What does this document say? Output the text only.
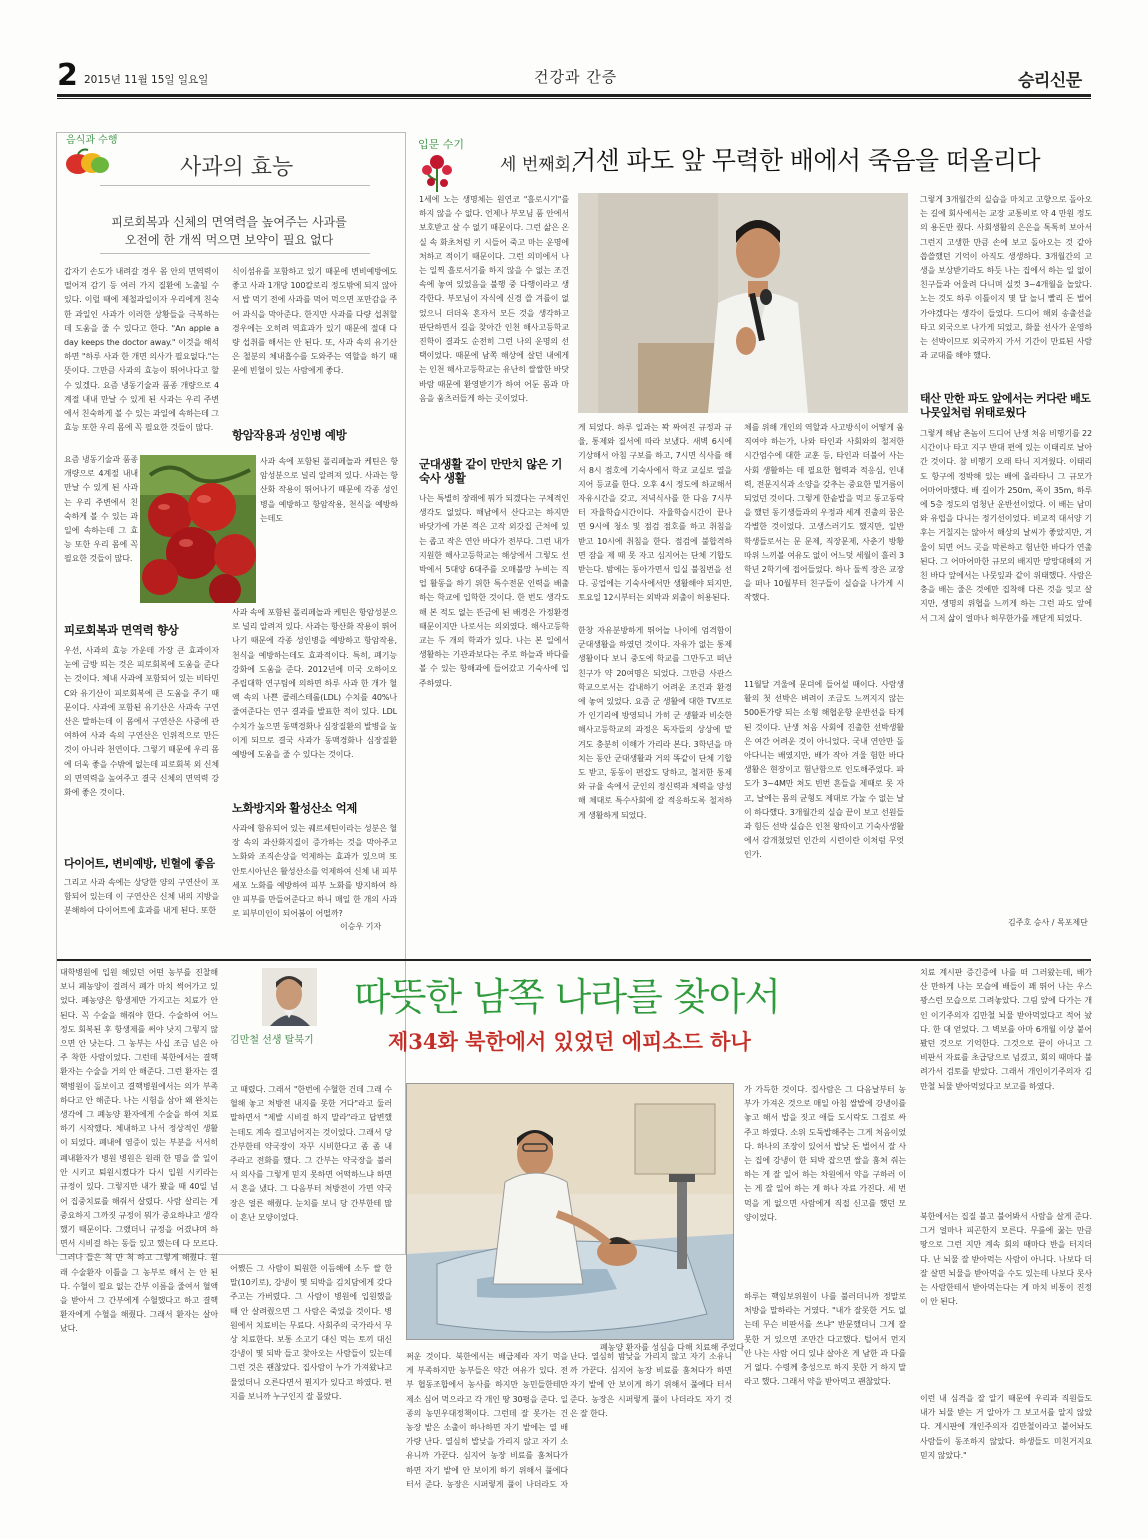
2 2015년 11월 15일 일요일	건강과 간증	승리신문
음식과 수행
사과의 효능
피로회복과 신체의 면역력을 높여주는 사과를
오전에 한 개씩 먹으면 보약이 필요 없다
갑자기 손도가 내려갈 경우 몸 안의 면역력이 떨어져 감기 등 여러 가지 질환에 노출될 수 있다. 이럴 때에 제철과일이자 우리에게 친숙한 과일인 사과가 이러한 상황들을 극복하는 데 도움을 줄 수 있다고 한다. "An apple a day keeps the doctor away." 이것을 해석하면 "하루 사과 한 개면 의사가 필요없다."는 뜻이다. 그만큼 사과의 효능이 뛰어나다고 할 수 있겠다. 요즘 냉동기술과 품종 개량으로 4계절 내내 만날 수 있게 된 사과는 우리 주변에서 친숙하게 볼 수 있는 과일에 속하는데 그 효능 또한 우리 몸에 꼭 필요한 것들이 많다.
요즘 냉동기술과 품종 개량으로 4계절 내내 만날 수 있게 된 사과는 우리 주변에서 친숙하게 볼 수 있는 과일에 속하는데 그 효능 또한 우리 몸에 꼭 필요한 것들이 많다.
식이섬유를 포함하고 있기 때문에 변비예방에도 좋고 사과 1개당 100칼로리 정도밖에 되지 않아서 밥 먹기 전에 사과를 먹어 먹으면 포만감을 주어 과식을 막아준다. 한지만 사과를 다량 섭취할 경우에는 오히려 역효과가 있기 때문에 절대 다량 섭취를 해서는 안 된다. 또, 사과 속의 유기산은 철분의 체내흡수를 도와주는 역할을 하기 때문에 빈혈이 있는 사람에게 좋다.
항암작용과 성인병 예방
사과 속에 포함된 폴리페놀과 케틴은 항암성분으로 널리 알려져 있다. 사과는 항산화 작용이 뛰어나기 때문에 각종 성인병을 예방하고 항암작용, 천식을 예방하는데도
사과 속에 포함된 폴리페놀과 케틴은 항암성분으로 널리 알려져 있다. 사과는 항산화 작용이 뛰어나기 때문에 각종 성인병을 예방하고 항암작용, 천식을 예방하는데도 효과적이다. 특히, 폐기능 강화에 도움을 준다. 2012년에 미국 오하이오 주립대학 연구팀에 의하면 하루 사과 한 개가 혈액 속의 나쁜 콜레스테롤(LDL) 수치를 40%나 줄여준다는 연구 결과를 발표한 적이 있다. LDL수치가 높으면 동맥경화나 심장질환의 발병을 높이게 되므로 결국 사과가 동맥경화나 심장질환 예방에 도움을 줄 수 있다는 것이다.
피로회복과 면역력 향상
우선, 사과의 효능 가운데 가장 큰 효과이자 눈에 금방 띄는 것은 피로회복에 도움을 준다는 것이다. 체내 사과에 포함되어 있는 비타민 C와 유기산이 피로회복에 큰 도움을 주기 때문이다. 사과에 포함된 유기산은 사과속 구연산은 말하는데 이 몸에서 구연산은 사중에 관여하여 사과 속의 구연산은 인위적으로 만든 것이 아니라 천연이다. 그렇기 때문에 우리 몸에 더욱 좋을 수밖에 없는데 피로회복 외 신체의 면역력을 높여주고 결국 신체의 면역력 강화에 좋은 것이다.
노화방지와 활성산소 억제
사과에 함유되어 있는 퀘르세틴이라는 성분은 혈장 속의 과산화지질이 증가하는 것을 막아주고 노화와 조직손상을 억제하는 효과가 있으며 또 안토시아닌은 활성산소를 억제하여 신체 내 피부세포 노화를 예방하여 피부 노화를 방지하여 하얀 피부를 만들어준다고 하니 매일 한 개의 사과로 피부미인이 되어봄이 어떨까?
이승우 기자
다이어트, 변비예방, 빈혈에 좋음
그리고 사과 속에는 상당한 양의 구연산이 포함되어 있는데 이 구연산은 신체 내의 지방을 분해하여 다이어트에 효과를 내게 된다. 또한
입문 수기
세 번째회,
거센 파도 앞 무력한 배에서 죽음을 떠올리다
1세에 노는 생명체는 원연코 "흘로시기"를 하지 않을 수 없다. 언제나 부모님 품 안에서 보호받고 살 수 없기 때문이다. 그런 삶은 온실 속 화초처럼 키 시들어 죽고 마는 운명에 처하고 적이기 때문이다. 그런 의미에서 나는 일찍 흘로서기를 하지 않을 수 없는 조건 속에 놓여 있었음을 불행 중 다행이라고 생각한다. 부모님이 자식에 신경 쓸 겨를이 없었으니 더더욱 혼자서 모든 것을 생각하고 판단하면서 길을 찾아간 인천 해사고등학교 진학이 결과도 순전히 그런 나의 운명의 선택이었다. 때문에 남쪽 해상에 살던 내에게는 인천 해사고등학교는 유난히 쌀쌀한 바닷바람 때문에 환영받기가 하여 어둔 몸과 마음을 움츠러들게 하는 곳이었다.
군대생활 같이 만만치 않은 기숙사 생활
나는 특별히 장래에 뭐가 되겠다는 구체적인 생각도 없었다. 해남에서 산다고는 하지만 바닷가에 가본 적은 고작 외갓집 근처에 있는 좁고 작은 연안 바다가 전부다. 그런 내가 지원한 해사고등학교는 해상에서 그렇도 선박에서 5대양 6대주를 오매불망 누비는 직업 활동을 하기 위한 특수전문 인력을 배출하는 학교에 입학한 것이다. 한 번도 생각도 해 본 적도 없는 뜬금에 된 배경은 가정환경 때문이지만 나로서는 의외였다. 해사고등학교는 두 개의 학과가 있다. 나는 본 일에서 생활하는 기관과보다는 주로 하늘과 바다를 볼 수 있는 항해과에 들어갔고 기숙사에 입주하였다.
게 되었다. 하루 일과는 꽉 짜여진 규정과 규율, 통제와 질서에 따라 보냈다. 새벽 6시에 기상해서 아침 구보를 하고, 7시면 식사를 해서 8시 점호에 기숙사에서 학교 교실로 열을 지어 등교를 한다. 오후 4시 정도에 하교해서 자유시간을 갖고, 저녁식사를 한 다음 7시부터 자율학습시간이다. 자율학습시간이 끝나면 9시에 청소 및 점검 점호를 하고 취침을 받고 10시에 취침을 한다. 점검에 불합격하면 잠을 제 때 못 자고 심지어는 단체 기합도 받는다. 밤에는 동아가면서 입실 불침번을 선다. 공업에는 기숙사에서만 생활해야 되지만, 토요일 12시부터는 외박과 외출이 허용된다.
한창 자유분방하게 뛰어놀 나이에 엄격함이 군대생활을 하였던 것이다. 자유가 없는 통제생활이다 보니 중도에 학교를 그만두고 떠난 친구가 약 20여명은 되었다. 그만큼 사관스 학교으로서는 감내하기 어려운 조건과 환경에 놓여 있었다. 요즘 군 생활에 대한 TV프로가 인기리에 방영되니 가히 군 생활과 비슷한 해사고등학교의 과정은 독자들의 상상에 맡겨도 충분히 이해가 가리라 본다. 3학년을 마치는 동안 군대생활과 거의 똑같이 단체 기합도 받고, 동동이 편잡도 당하고, 철저한 통제와 규율 속에서 군인의 정신력과 체력을 양성해 체대로 특수사회에 잘 적응하도록 철저하게 생활하게 되었다.
체를 위해 개인의 역할과 사고방식이 어떻게 움직여야 하는가, 나와 타인과 사회와의 철저한 시간엄수에 대한 교훈 등, 타인과 더불어 사는 사회 생활하는 데 필요한 협력과 적응심, 인내력, 전문지식과 소양을 갖추는 중요한 밑거름이 되었던 것이다. 그렇게 한솥밥을 먹고 동고동락을 했던 동기생들과의 우정과 세계 진출의 꿈은 각별한 것이었다. 고생스러기도 했지만, 일반 학생들로서는 문 문제, 직장문제, 사춘기 방황 따위 느끼볼 여유도 없이 어느덧 세월이 흘러 3학년 2학기에 접어들었다. 하나 둘씩 장은 교장을 떠나 10월부터 친구들이 실습을 나가게 시작했다.
11월달 겨울에 문뎌에 들어설 때이다. 사람생활의 첫 선박은 벼려이 조금도 느껴지지 않는 500톤가량 되는 소형 해협운항 운반선을 타게 된 것이다. 난생 처음 사회에 진출한 선박생활은 여간 어려운 것이 아니었다. 국내 연안만 돌아다니는 배였지만, 배가 작아 겨울 험한 바다 생활은 현장이고 험난함으로 인도해주었다. 파도가 3~4M만 쳐도 빈번 흔들을 제때로 못 자고, 날에는 몸의 균형도 제대로 가눌 수 없는 날이 하다했다. 3개월간의 실습 끝이 보고 선원들과 힘든 선박 실습은 인천 왕따이고 기숙사생활에서 감개쳤었던 인간의 시련이란 이처럼 무엇인가.
그렇게 3개월간의 실습을 마치고 고향으로 돌아오는 길에 회사에서는 교장 교통비로 약 4 만원 정도의 용돈만 줬다. 사회생활의 은은을 톡톡히 보아서 그런지 고생한 만큼 손에 보고 돌아오는 것 같아 씁쓸했던 기억이 아직도 생생하다. 3개월간의 고생을 보상받기라도 하듯 나는 집에서 하는 일 없이 친구들과 어울려 다니며 실컷 3~4개월을 놀았다. 노는 것도 하루 이틀이지 몇 달 놀니 빨리 돈 벌어 가야겠다는 생각이 들었다. 드디어 해외 송출선을 타고 외국으로 나가게 되었고, 화물 선사가 운영하는 선박이므로 외국까지 가서 기간이 만료된 사람과 교대를 해야 했다.
태산 만한 파도 앞에서는 커다란 배도 나뭇잎처럼 위태로웠다
그렇게 해남 촌놈이 드디어 난생 처음 비행기를 22시간이나 타고 지구 반대 편에 있는 이태리로 날아간 것이다. 참 비행기 오래 타니 지겨웠다. 이태리 도 항구에 정박해 있는 배에 올라타니 그 규모가 어마어마했다. 배 길이가 250m, 폭이 35m, 하루에 5층 정도의 엄청난 운반선이었다. 이 배는 남미와 유럽을 다니는 정기선이었다. 비교적 대서양 기후는 거칠지는 않아서 해상의 날씨가 좋았지만, 겨울이 되면 어느 곳을 막론하고 험난한 바다가 연출된다. 그 어마어마한 규모의 배지만 망망대해의 거친 바다 앞에서는 나뭇잎과 같이 위태했다. 사람은 충을 배는 줄은 것에만 집착해 다른 것을 잊고 살지만, 생명의 위협을 느끼게 하는 그런 파도 앞에서 그저 삶이 얼마나 허무한가를 깨닫게 되었다.
김주호 승사 / 목포제단
대학병원에 입원 해있던 어떤 농부를 진찰해 보니 폐농양이 걸려서 폐가 마치 썩어가고 있었다. 폐농양은 항생제만 가지고는 치료가 안 된다. 꼭 수술을 해줘야 한다. 수술하여 어느 정도 회복된 후 항생제를 써야 낫지 그렇지 않으면 안 낫는다. 그 농부는 사십 조금 넘은 아주 착한 사람이었다. 그런데 북한에서는 결핵환자는 수술을 거의 안 해준다. 그런 환자는 결핵병원이 돌보이고 결핵병원에서는 의가 부족하다고 안 해준다. 나는 시험을 삼아 왜 완치는 생각에 그 폐농양 환자에게 수술을 하여 치료하기 시작했다. 체내하고 나서 정상적인 생활이 되었다. 폐내에 염증이 있는 부분을 서서히
폐내환자가 병원 병원은 원래 한 명을 쓸 일이 안 시키고 퇴원시켰다가 다시 입원 시키라는 규정이 있다. 그렇지만 내가 봤을 때 40일 넘어 집중치료를 해줘서 살렸다. 사람 살리는 게 중요하지 그까짓 규정이 뭐가 중요하냐고 생각했기 때문이다. 그랬더니 규정을 어겼냐며 하면서 시비걸 하는 동들 있고 했는데 다 모르다. 그러나 들은 척 만 척 하고 그렇게 해줬다. 원래 수술환자 이틀을 그 농부로 해서 는 안 된다. 수혈이 필요 없는 간부 이름을 줄여서 혈액을 받아서 그 간부에게 수혈했다고 하고 결핵환자에게 수혈을 해줬다. 그래서 환자는 살아났다.
김만철 선생 탈북기
따뜻한 남쪽 나라를 찾아서
제34화 북한에서 있었던 에피소드 하나
고 때렸다. 그래서 "한번에 수혈한 건데 그래 수혈해 놓고 처방전 내지를 못한 거다"라고 둘러말하면서 "제발 시비걸 하지 말라"라고 답변했는데도 계속 걸고넘어지는 것이었다. 그래서 당간부한테 약국장이 자꾸 시비한다고 좀 좀 내 주라고 전화를 했다. 그 간부는 약국장을 불러서 의사를 그렇게 믿지 못하면 어떡하느냐 하면서 혼을 냈다. 그 다음부터 처방전이 가면 약국장은 얼른 해줬다. 눈치를 보니 당 간부한테 많이 혼난 모양이었다.
어쨌든 그 사람이 퇴원한 이듬해에 소두 쌀 한 말(10키로), 강냉이 몇 되박을 김치담에게 갖다 주고는 가버렸다. 그 사람이 병원에 입원했을 때 안 살려줬으면 그 사람은 죽었을 것이다. 병원에서 치료비는 무료다. 사회주의 국가라서 무상 치료한다. 보통 소고기 대신 먹는 토끼 대신 강냉이 몇 되박 들고 찾아오는 사람들이 있는데 그런 것은 괜찮았다. 집사람이 누가 가져왔냐고 물었더니 오른다면서 뭔지가 있다고 하였다. 편지를 보니까 누구인지 잘 몰랐다.
폐농양 환자를 성심을 다해 치료해 주었다
쩌운 것이다. 북한에서는 배급제라 자기 먹을 게 부족하지만 농부들은 약간 여유가 있다. 전부 협동조합에서 농사를 하지만 농민들한테만 제소 심어 먹으라고 각 개인 땅 30평을 준다. 일종의 농민우대정책이다. 그런데 잘 못가는 건 농장 밭은 소출이 하나하면 자기 밭에는 열 배 가량 난다. 열심히 밥낮을 가리지 않고 자기 소유니까 가꾼다. 심지어 농장 비료를 훔쳐다가 하면 자기 밭에 안 보이게 하기 위해서 풀에다 터서 준다. 농장은 시퍼렇게 풀이 나더라도 자
난다. 열심히 밤낮을 가리지 않고 자기 소유니까 가꾼다. 심지어 농장 비료를 훔쳐다가 하면 자기 밭에 안 보이게 하기 위해서 풀에다 터서 준다. 농장은 시퍼렇게 풀이 나더라도 자기 것은 잘 한다.
가 가득한 것이다. 집사람은 그 다음날부터 농부가 가져온 것으로 매일 아침 쌀밥에 강냉이를 놓고 해서 밥을 짓고 애들 도시락도 그걸로 싸주고 하였다. 소위 도둑밥해주는 그게 처음이었다. 하나의 조장이 있어서 밥낮 돈 벌어서 잘 사는 집에 강냉이 한 되박 잡으면 쌀을 훔쳐 줘는 하는 게 잘 일어 하는 차원에서 약을 구하러 이는 게 잘 일어 하는 게 하나 자료 가진다. 세 번 먹을 게 없으면 사람에게 직접 신고를 했던 모양이었다.
하루는 핵임보위원이 나를 불러더니까 정말로 처방을 말하라는 거였다. "내가 잘못한 거도 없는데 무슨 비판서를 쓰냐" 반문했더니 그게 잘못한 거 있으면 조만간 다고했다. 털어서 먼지 안 나는 사람 어디 있냐 살아온 게 남한 과 다를 거 없다. 수령께 충성으로 하지 못한 거 하지 말라고 했다. 그래서 약을 받아먹고 괜찮았다.
치료 계시판 증긴증에 나를 떠 그러왔는데, 배가 산 만하게 나는 모습에 배들이 꽤 뛰어 나는 우스꽝스런 모습으로 그려놓았다. 그림 앞에 다가는 개인 이기주의자 김만철 뇌물 받아먹었다고 적어 놨다. 한 대 얻었다. 그 벽보를 아마 6개월 이상 붙어 봤던 것으로 기억한다. 그것으로 끝이 아니고 그 비판서 자료를 초급당으로 넘겼고, 회의 때마다 불려가서 검토를 받았다. 그래서 개인이기주의자 김만철 뇌물 받아먹었다고 보고를 하였다.
북한에서는 집질 불고 불어봐서 사람을 살게 준다. 그거 얼마나 피곤한지 모른다. 무릎에 꿇는 만큼 땅으로 그런 지만 계속 회의 때마다 반을 터지더 다. 난 뇌물 잘 받아먹는 사람이 아니다. 나보다 더 잘 살면 뇌물을 받아먹을 수도 있는데 나보다 못사는 사람한테서 받아먹는다는 게 마치 비통이 진정이 안 된다.
이런 내 심격을 잘 알기 때문에 우리과 직원들도 내가 뇌물 받는 거 알아가 그 보고서를 알지 않았다. 게시판에 개인주의자 김만철이라고 붙어놔도 사람들이 동조하지 않았다. 하생들도 미친거지요 믿지 않았다."
